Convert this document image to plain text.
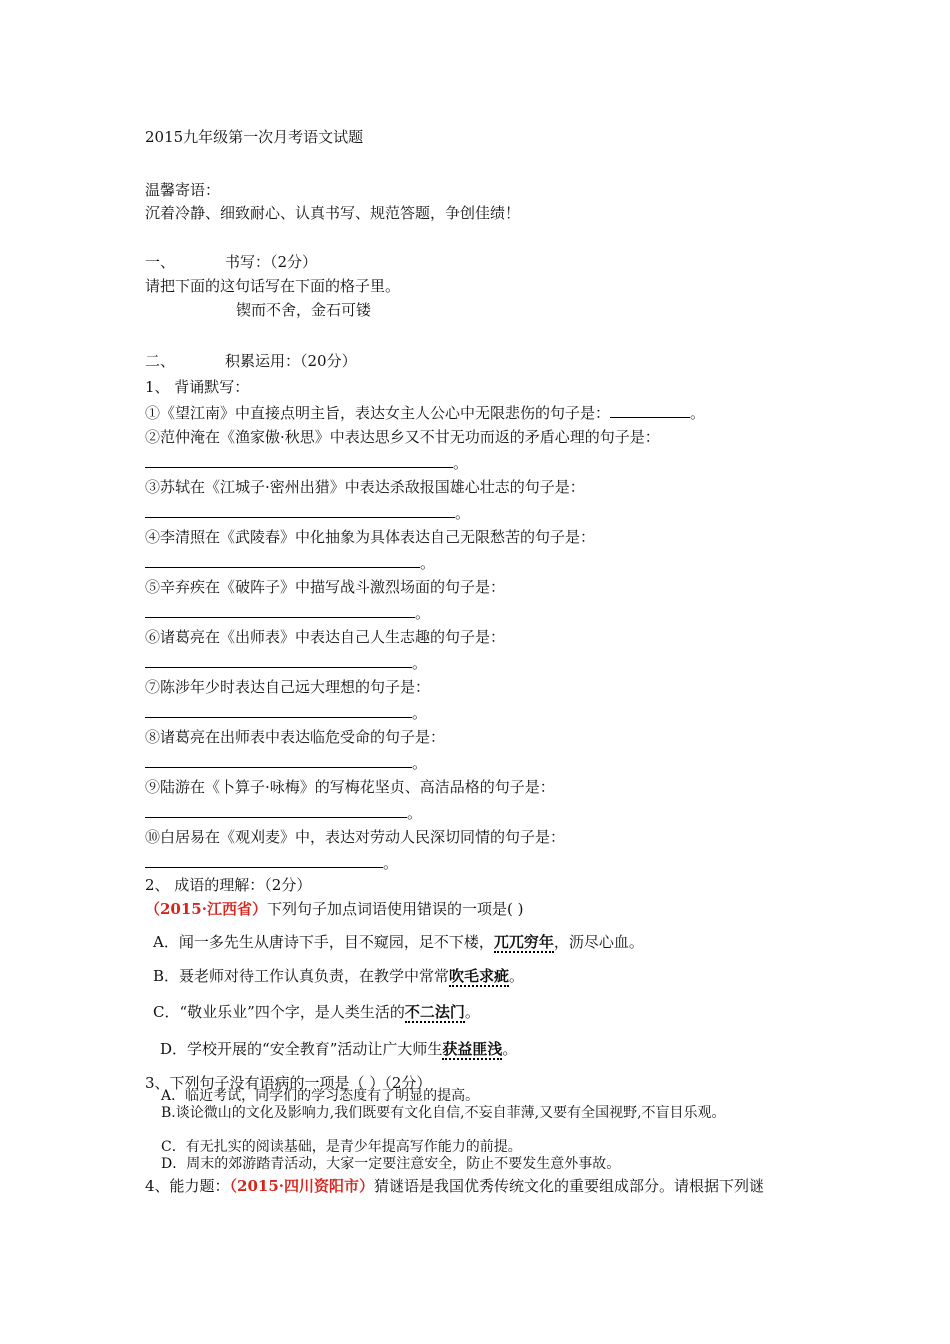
2015九年级第一次月考语文试题
温馨寄语：
沉着冷静、细致耐心、认真书写、规范答题，争创佳绩！
一、	书写：（2分）
请把下面的这句话写在下面的格子里。
锲而不舍，金石可镂
二、	积累运用：（20分）
1、 背诵默写：
①《望江南》中直接点明主旨，表达女主人公心中无限悲伤的句子是：	。
②范仲淹在《渔家傲·秋思》中表达思乡又不甘无功而返的矛盾心理的句子是：
。
③苏轼在《江城子·密州出猎》中表达杀敌报国雄心壮志的句子是：
。
④李清照在《武陵春》中化抽象为具体表达自己无限愁苦的句子是：
。
⑤辛弃疾在《破阵子》中描写战斗激烈场面的句子是：
。
⑥诸葛亮在《出师表》中表达自己人生志趣的句子是：
。
⑦陈涉年少时表达自己远大理想的句子是：
。
⑧诸葛亮在出师表中表达临危受命的句子是：
。
⑨陆游在《卜算子·咏梅》的写梅花坚贞、高洁品格的句子是：
。
⑩白居易在《观刈麦》中，表达对劳动人民深切同情的句子是：
。
2、 成语的理解：（2分）
（2015·江西省）下列句子加点词语使用错误的一项是( )
A．闻一多先生从唐诗下手，目不窥园，足不下楼，兀兀穷年，沥尽心血。
B．聂老师对待工作认真负责，在教学中常常吹毛求疵。
C．“敬业乐业”四个字，是人类生活的不二法门。
D．学校开展的“安全教育”活动让广大师生获益匪浅。
3、下列句子没有语病的一项是（ ）（2分）
A．临近考试，同学们的学习态度有了明显的提高。
B.谈论微山的文化及影响力,我们既要有文化自信,不妄自菲薄,又要有全国视野,不盲目乐观。
C．有无扎实的阅读基础，是青少年提高写作能力的前提。
D．周末的郊游踏青活动，大家一定要注意安全，防止不要发生意外事故。
4、能力题：（2015·四川资阳市）猜谜语是我国优秀传统文化的重要组成部分。请根据下列谜
